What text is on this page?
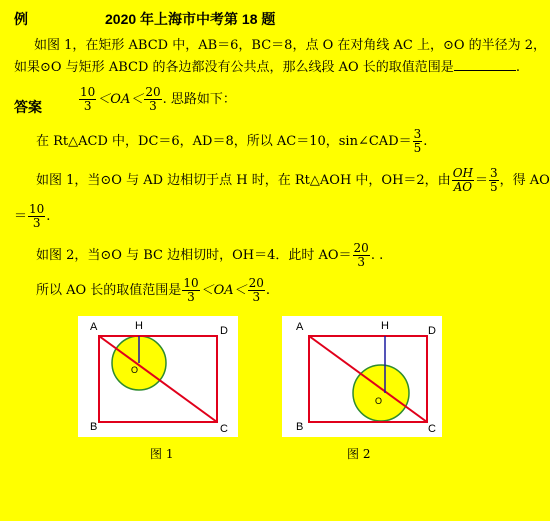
例	2020 年上海市中考第 18 题
如图 1，在矩形 ABCD 中，AB＝6，BC＝8，点 O 在对角线 AC 上，⊙O 的半径为 2，
如果⊙O 与矩形 ABCD 的各边都没有公共点，那么线段 AO 长的取值范围是	.
答案	$\frac{10}{3} <OA< \frac{20}{3}$ . 思路如下：
在 Rt△ACD 中，DC＝6，AD＝8，所以 AC＝10，sin∠CAD＝ $\frac{3}{5}$ .
如图 1，当⊙O 与 AD 边相切于点 H 时，在 Rt△AOH 中，OH＝2，由 $\frac{OH}{AO} = \frac{3}{5}$ ，得 AO
＝ $\frac{10}{3}$ .
如图 2，当⊙O 与 BC 边相切时，OH＝4．此时 $AO= \frac{20}{3}$ . .
所以 AO 长的取值范围是 $\frac{10}{3} <OA< \frac{20}{3}$ .
A	D
B	C
H
O
图 1
A	D
B	C
H
O
图 2
